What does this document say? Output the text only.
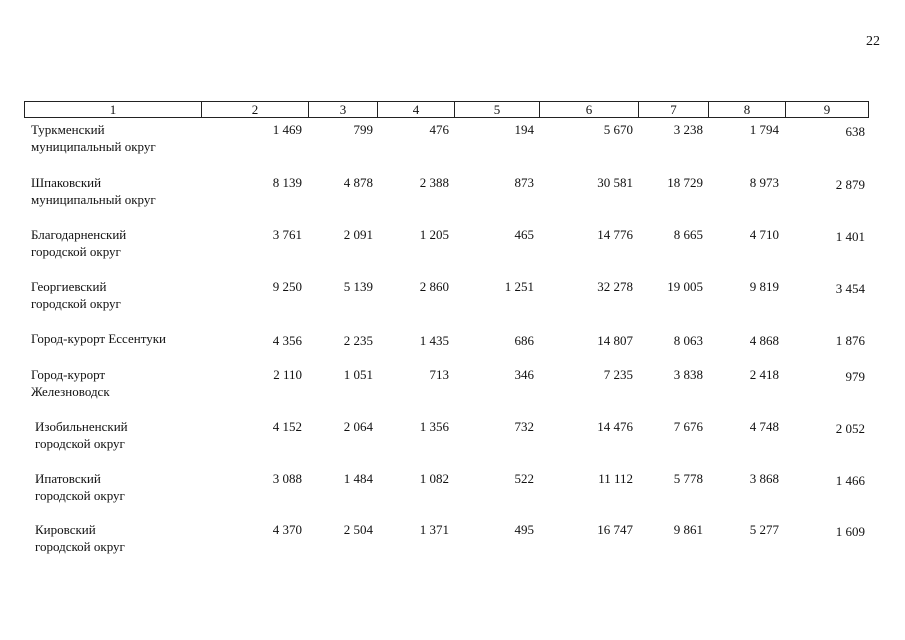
22
1	2	3	4	5	6	7	8	9
Туркменский
муниципальный округ
1 469	799	476	194	5 670	3 238	1 794	638
Шпаковский
муниципальный округ
8 139	4 878	2 388	873	30 581	18 729	8 973	2 879
Благодарненский
городской округ
3 761	2 091	1 205	465	14 776	8 665	4 710	1 401
Георгиевский
городской округ
9 250	5 139	2 860	1 251	32 278	19 005	9 819	3 454
Город-курорт Ессентуки	4 356	2 235	1 435	686	14 807	8 063	4 868	1 876
Город-курорт
Железноводск
2 110	1 051	713	346	7 235	3 838	2 418	979
Изобильненский
городской округ
4 152	2 064	1 356	732	14 476	7 676	4 748	2 052
Ипатовский
городской округ
3 088	1 484	1 082	522	11 112	5 778	3 868	1 466
Кировский
городской округ
4 370	2 504	1 371	495	16 747	9 861	5 277	1 609
